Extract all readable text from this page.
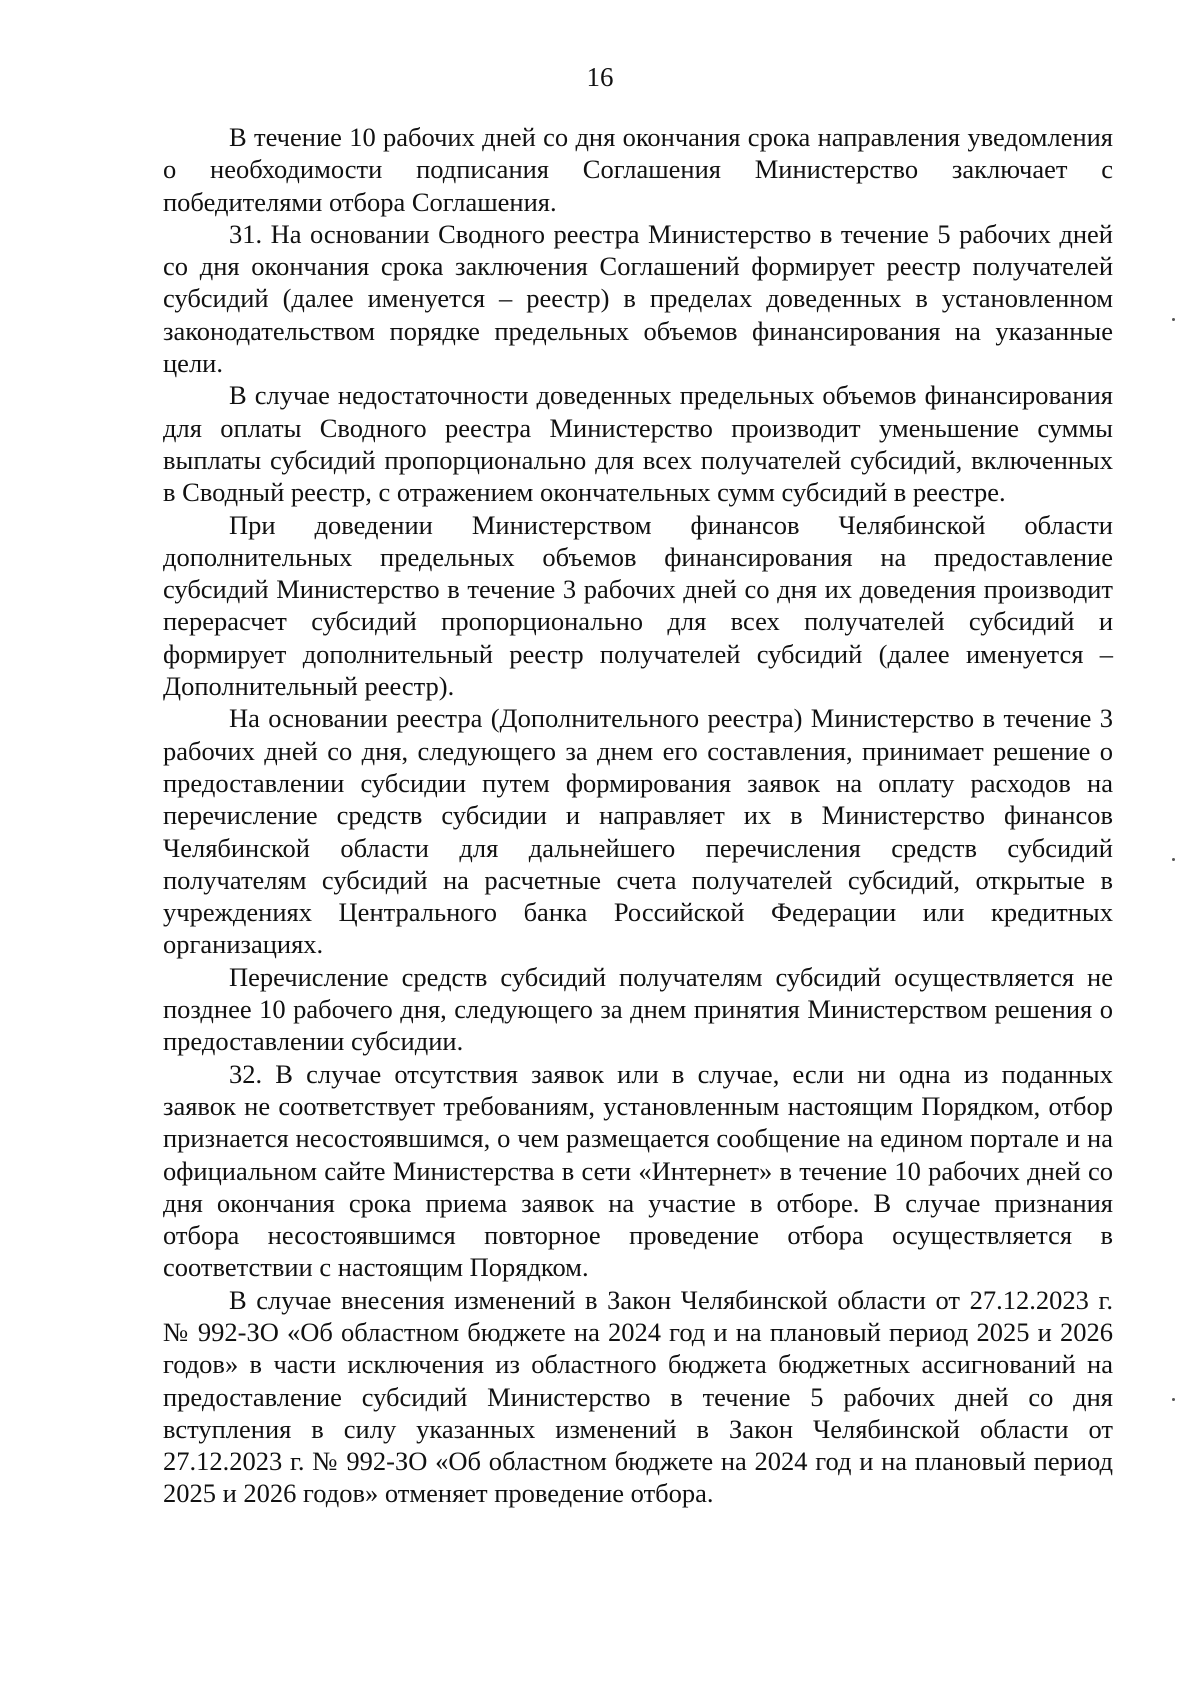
16

В течение 10 рабочих дней со дня окончания срока направления уведомления о необходимости подписания Соглашения Министерство заключает с победителями отбора Соглашения.

31. На основании Сводного реестра Министерство в течение 5 рабочих дней со дня окончания срока заключения Соглашений формирует реестр получателей субсидий (далее именуется – реестр) в пределах доведенных в установленном законодательством порядке предельных объемов финансирования на указанные цели.

В случае недостаточности доведенных предельных объемов финансирования для оплаты Сводного реестра Министерство производит уменьшение суммы выплаты субсидий пропорционально для всех получателей субсидий, включенных в Сводный реестр, с отражением окончательных сумм субсидий в реестре.

При доведении Министерством финансов Челябинской области дополнительных предельных объемов финансирования на предоставление субсидий Министерство в течение 3 рабочих дней со дня их доведения производит перерасчет субсидий пропорционально для всех получателей субсидий и формирует дополнительный реестр получателей субсидий (далее именуется – Дополнительный реестр).

На основании реестра (Дополнительного реестра) Министерство в течение 3 рабочих дней со дня, следующего за днем его составления, принимает решение о предоставлении субсидии путем формирования заявок на оплату расходов на перечисление средств субсидии и направляет их в Министерство финансов Челябинской области для дальнейшего перечисления средств субсидий получателям субсидий на расчетные счета получателей субсидий, открытые в учреждениях Центрального банка Российской Федерации или кредитных организациях.

Перечисление средств субсидий получателям субсидий осуществляется не позднее 10 рабочего дня, следующего за днем принятия Министерством решения о предоставлении субсидии.

32. В случае отсутствия заявок или в случае, если ни одна из поданных заявок не соответствует требованиям, установленным настоящим Порядком, отбор признается несостоявшимся, о чем размещается сообщение на едином портале и на официальном сайте Министерства в сети «Интернет» в течение 10 рабочих дней со дня окончания срока приема заявок на участие в отборе. В случае признания отбора несостоявшимся повторное проведение отбора осуществляется в соответствии с настоящим Порядком.

В случае внесения изменений в Закон Челябинской области от 27.12.2023 г. № 992-ЗО «Об областном бюджете на 2024 год и на плановый период 2025 и 2026 годов» в части исключения из областного бюджета бюджетных ассигнований на предоставление субсидий Министерство в течение 5 рабочих дней со дня вступления в силу указанных изменений в Закон Челябинской области от 27.12.2023 г. № 992-ЗО «Об областном бюджете на 2024 год и на плановый период 2025 и 2026 годов» отменяет проведение отбора.
